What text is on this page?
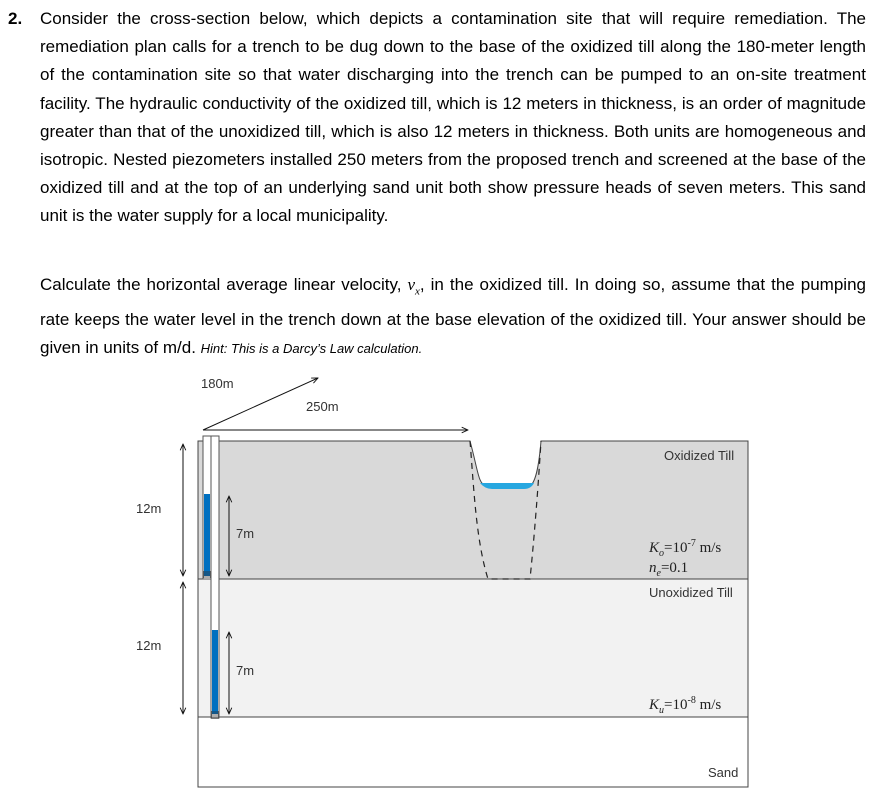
2. Consider the cross-section below, which depicts a contamination site that will require remediation. The remediation plan calls for a trench to be dug down to the base of the oxidized till along the 180-meter length of the contamination site so that water discharging into the trench can be pumped to an on-site treatment facility. The hydraulic conductivity of the oxidized till, which is 12 meters in thickness, is an order of magnitude greater than that of the unoxidized till, which is also 12 meters in thickness. Both units are homogeneous and isotropic. Nested piezometers installed 250 meters from the proposed trench and screened at the base of the oxidized till and at the top of an underlying sand unit both show pressure heads of seven meters. This sand unit is the water supply for a local municipality.

Calculate the horizontal average linear velocity, $v_x$, in the oxidized till. In doing so, assume that the pumping rate keeps the water level in the trench down at the base elevation of the oxidized till. Your answer should be given in units of m/d. Hint: This is a Darcy’s Law calculation.

180m
250m
12m
12m
7m
7m
Oxidized Till
Unoxidized Till
Sand
$K_o=10^{-7}$ m/s
$n_e=0.1$
$K_u=10^{-8}$ m/s
